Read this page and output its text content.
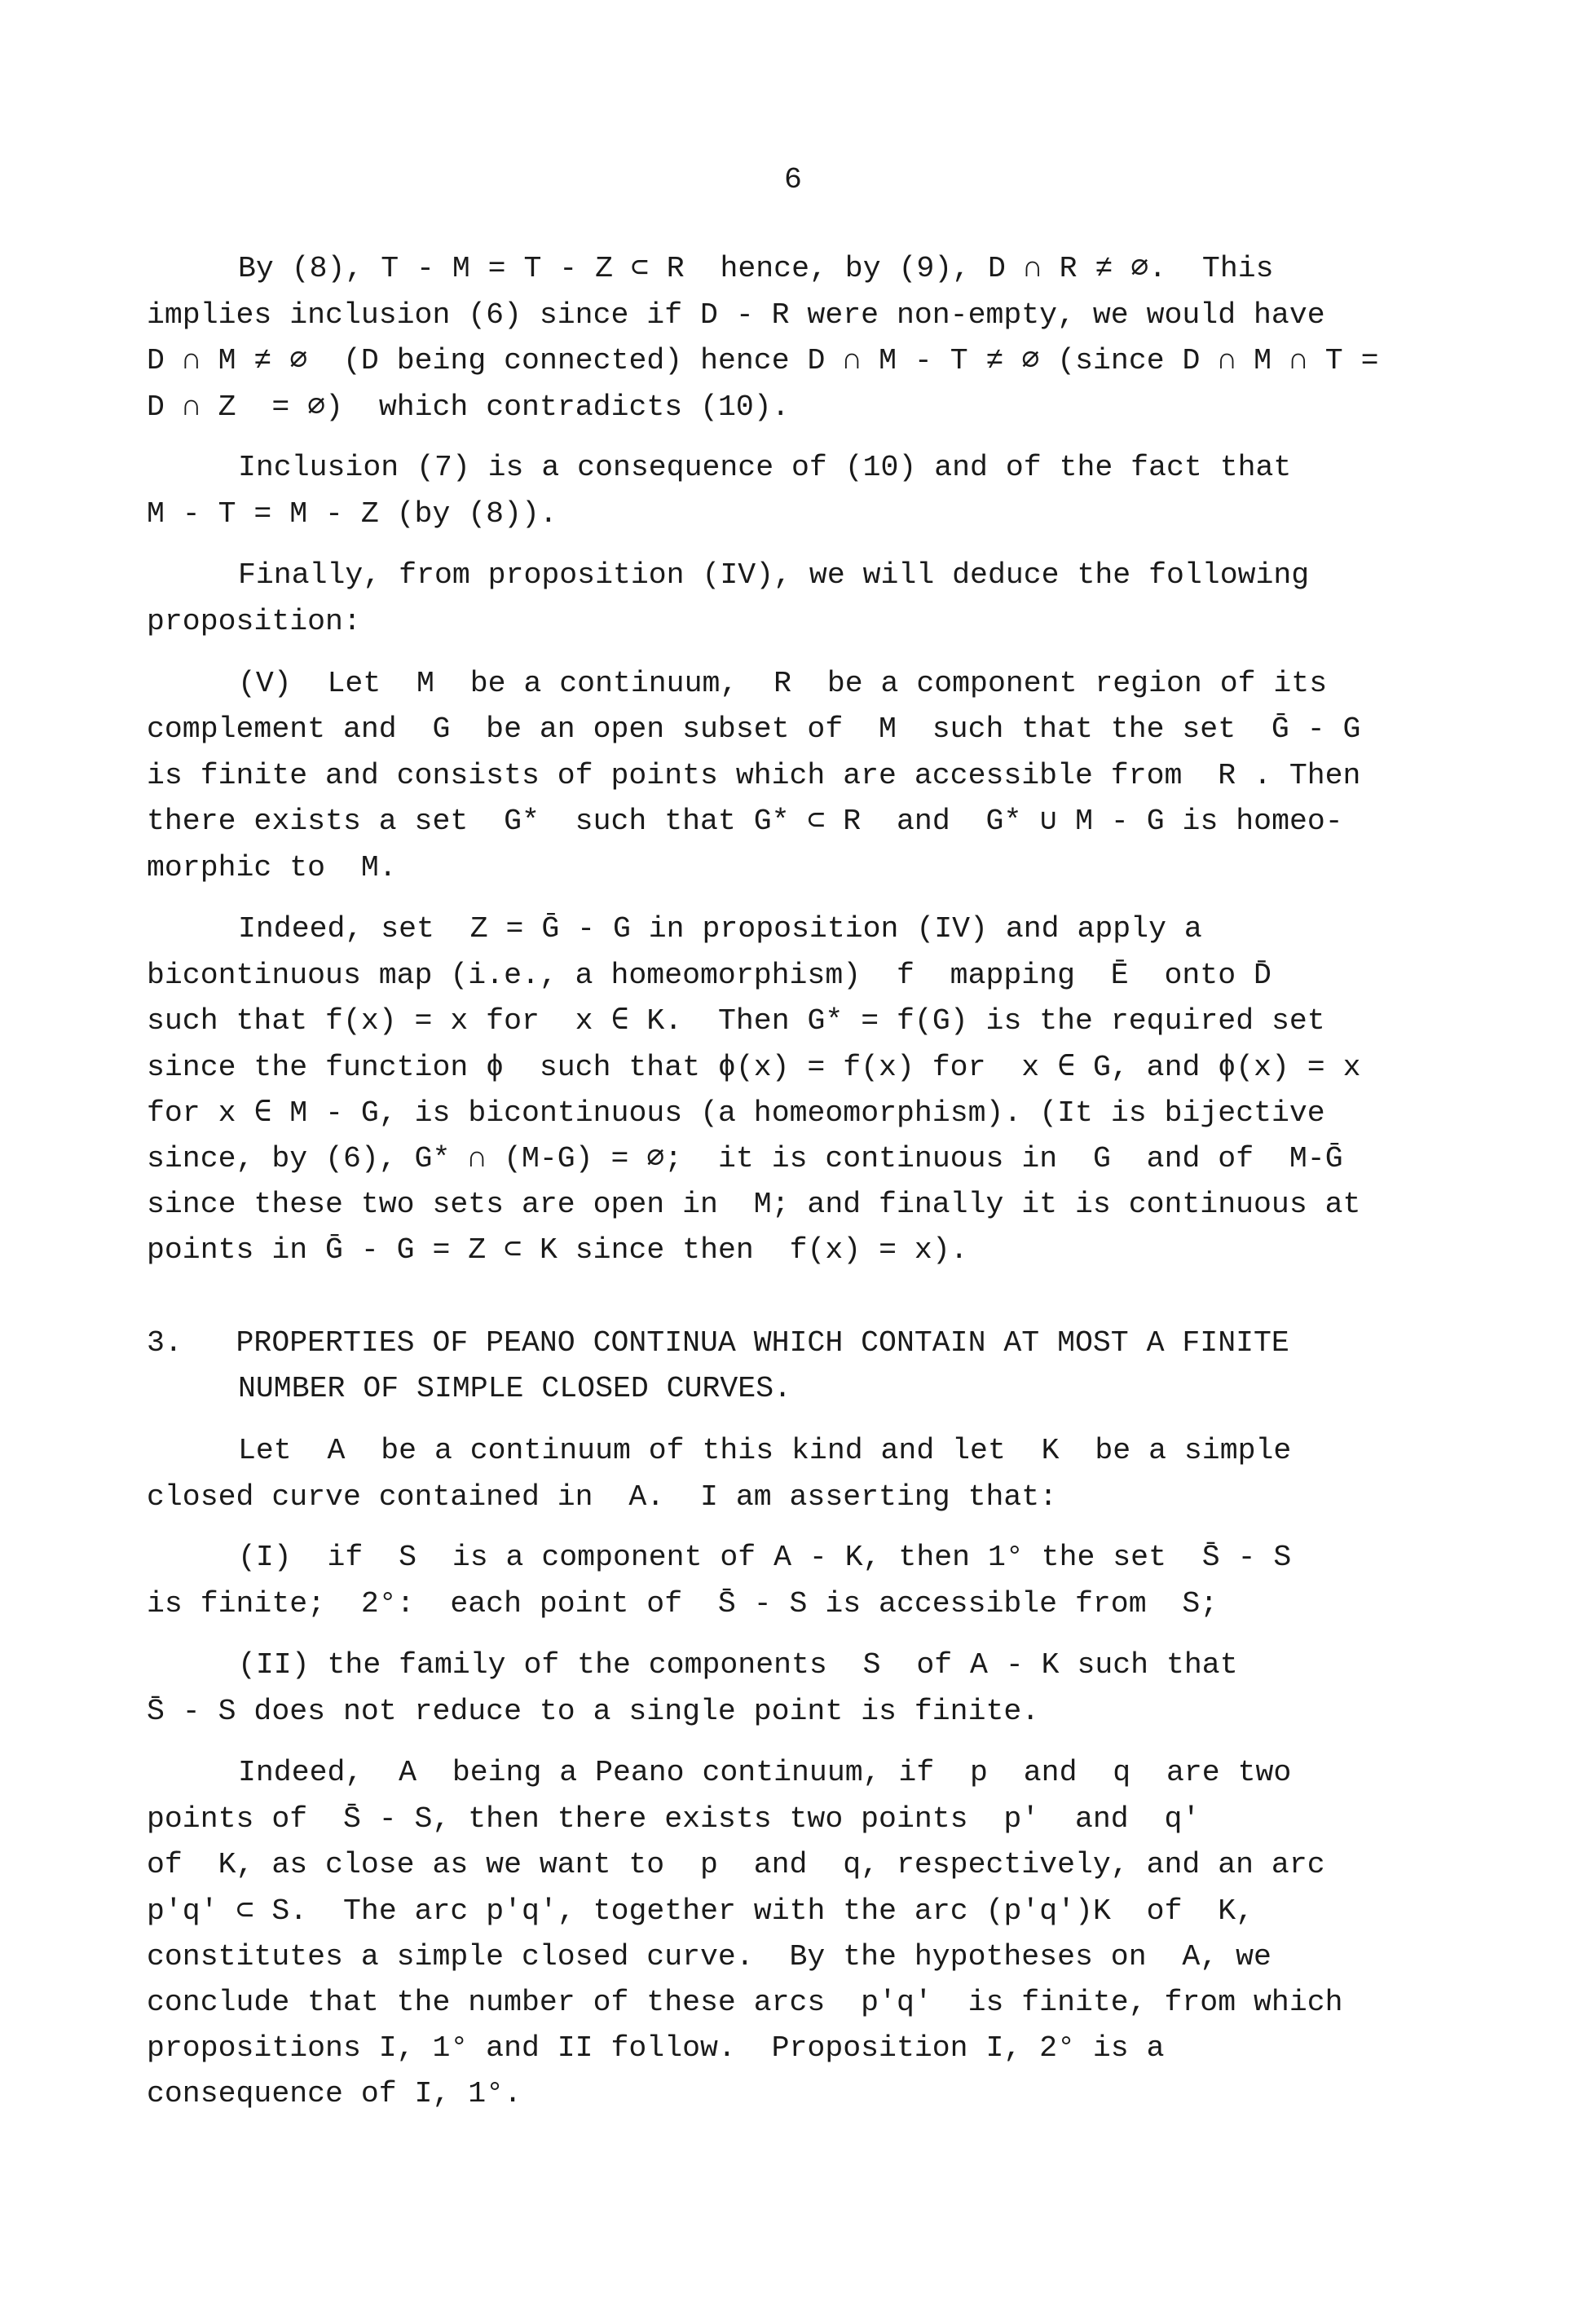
6
By (8), T - M = T - Z ⊂ R  hence, by (9), D ∩ R ≠ ∅.  This
implies inclusion (6) since if D - R were non-empty, we would have
D ∩ M ≠ ∅  (D being connected) hence D ∩ M - T ≠ ∅ (since D ∩ M ∩ T =
D ∩ Z  = ∅)  which contradicts (10).
Inclusion (7) is a consequence of (10) and of the fact that
M - T = M - Z (by (8)).
Finally, from proposition (IV), we will deduce the following
proposition:
(V)  Let  M  be a continuum,  R  be a component region of its
complement and  G  be an open subset of  M  such that the set  Ḡ - G
is finite and consists of points which are accessible from  R . Then
there exists a set  G*  such that G* ⊂ R  and  G* ∪ M - G is homeo-
morphic to  M.
Indeed, set  Z = Ḡ - G in proposition (IV) and apply a
bicontinuous map (i.e., a homeomorphism)  f  mapping  Ē  onto D̄
such that f(x) = x for  x ∈ K.  Then G* = f(G) is the required set
since the function ϕ  such that ϕ(x) = f(x) for  x ∈ G, and ϕ(x) = x
for x ∈ M - G, is bicontinuous (a homeomorphism). (It is bijective
since, by (6), G* ∩ (M-G) = ∅;  it is continuous in  G  and of  M-Ḡ
since these two sets are open in  M; and finally it is continuous at
points in Ḡ - G = Z ⊂ K since then  f(x) = x).
3.   PROPERTIES OF PEANO CONTINUA WHICH CONTAIN AT MOST A FINITE
NUMBER OF SIMPLE CLOSED CURVES.
Let  A  be a continuum of this kind and let  K  be a simple
closed curve contained in  A.  I am asserting that:
(I)  if  S  is a component of A - K, then 1° the set  S̄ - S
is finite;  2°:  each point of  S̄ - S is accessible from  S;
(II) the family of the components  S  of A - K such that
S̄ - S does not reduce to a single point is finite.
Indeed,  A  being a Peano continuum, if  p  and  q  are two
points of  S̄ - S, then there exists two points  p'  and  q'
of  K, as close as we want to  p  and  q, respectively, and an arc
p'q' ⊂ S.  The arc p'q', together with the arc (p'q')K  of  K,
constitutes a simple closed curve.  By the hypotheses on  A, we
conclude that the number of these arcs  p'q'  is finite, from which
propositions I, 1° and II follow.  Proposition I, 2° is a
consequence of I, 1°.
